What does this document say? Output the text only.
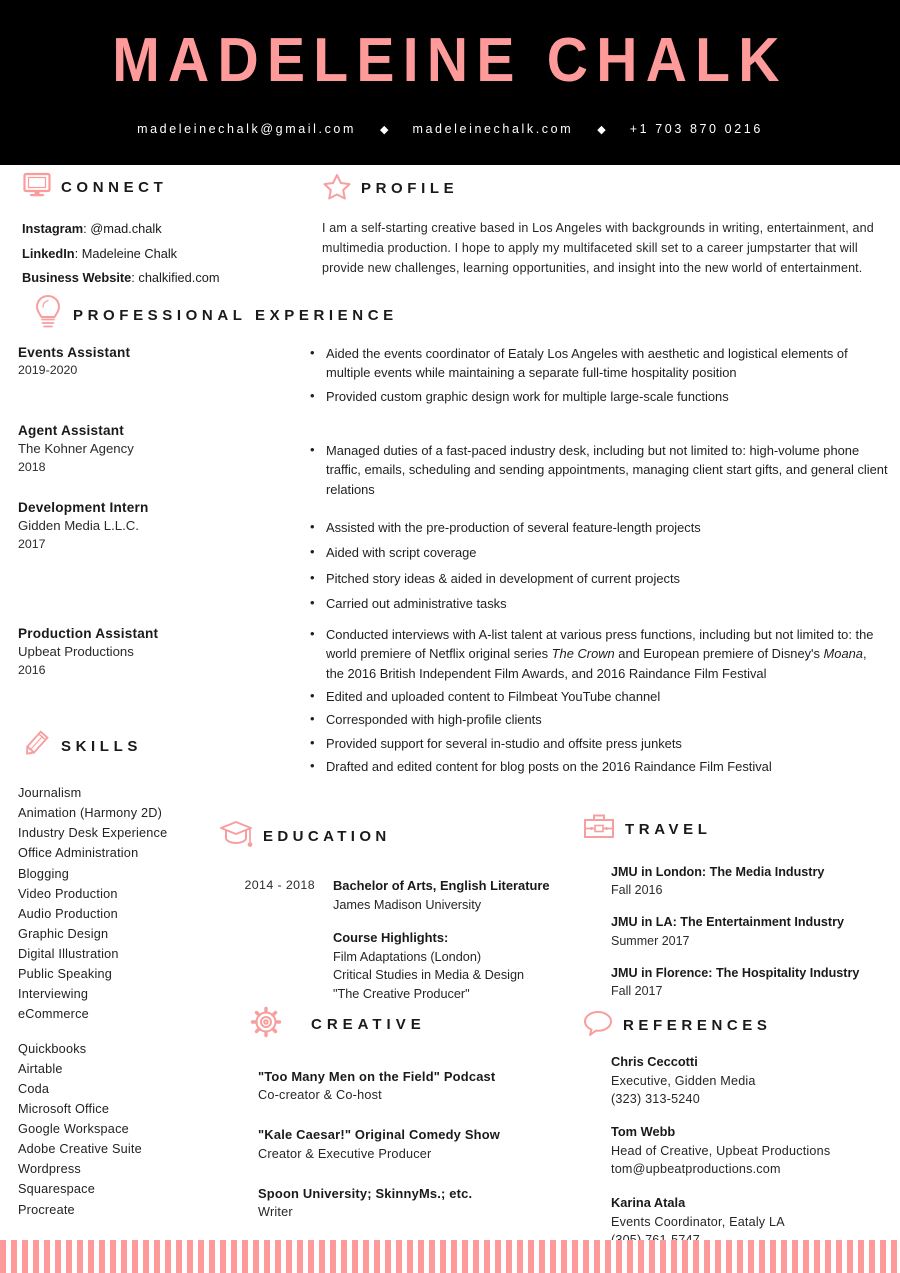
MADELEINE CHALK
madeleinechalk@gmail.com	◆	madeleinechalk.com	◆	+1 703 870 0216
CONNECT
Instagram: @mad.chalk
LinkedIn: Madeleine Chalk
Business Website: chalkified.com
PROFILE

I am a self-starting creative based in Los Angeles with backgrounds in writing, entertainment, and multimedia production. I hope to apply my multifaceted skill set to a career jumpstarter that will provide new challenges, learning opportunities, and insight into the new world of entertainment.

PROFESSIONAL EXPERIENCE
Events Assistant
2019-2020
• Aided the events coordinator of Eataly Los Angeles with aesthetic and logistical elements of multiple events while maintaining a separate full-time hospitality position
• Provided custom graphic design work for multiple large-scale functions
Agent Assistant
The Kohner Agency
2018
• Managed duties of a fast-paced industry desk, including but not limited to: high-volume phone traffic, emails, scheduling and sending appointments, managing client start gifts, and general client relations
Development Intern
Gidden Media L.L.C.
2017
• Assisted with the pre-production of several feature-length projects
• Aided with script coverage
• Pitched story ideas & aided in development of current projects
• Carried out administrative tasks
Production Assistant
Upbeat Productions
2016
• Conducted interviews with A-list talent at various press functions, including but not limited to: the world premiere of Netflix original series The Crown and European premiere of Disney's Moana, the 2016 British Independent Film Awards, and 2016 Raindance Film Festival
• Edited and uploaded content to Filmbeat YouTube channel
• Corresponded with high-profile clients
• Provided support for several in-studio and offsite press junkets
• Drafted and edited content for blog posts on the 2016 Raindance Film Festival
SKILLS
Journalism
Animation (Harmony 2D)
Industry Desk Experience
Office Administration
Blogging
Video Production
Audio Production
Graphic Design
Digital Illustration
Public Speaking
Interviewing
eCommerce
Quickbooks
Airtable
Coda
Microsoft Office
Google Workspace
Adobe Creative Suite
Wordpress
Squarespace
Procreate
EDUCATION
2014 - 2018	Bachelor of Arts, English Literature
James Madison University
Course Highlights:
Film Adaptations (London)
Critical Studies in Media & Design
"The Creative Producer"
TRAVEL
JMU in London: The Media Industry
Fall 2016
JMU in LA: The Entertainment Industry
Summer 2017
JMU in Florence: The Hospitality Industry
Fall 2017
CREATIVE
"Too Many Men on the Field" Podcast
Co-creator & Co-host
"Kale Caesar!" Original Comedy Show
Creator & Executive Producer
Spoon University; SkinnyMs.; etc.
Writer
REFERENCES
Chris Ceccotti
Executive, Gidden Media
(323) 313-5240
Tom Webb
Head of Creative, Upbeat Productions
tom@upbeatproductions.com
Karina Atala
Events Coordinator, Eataly LA
